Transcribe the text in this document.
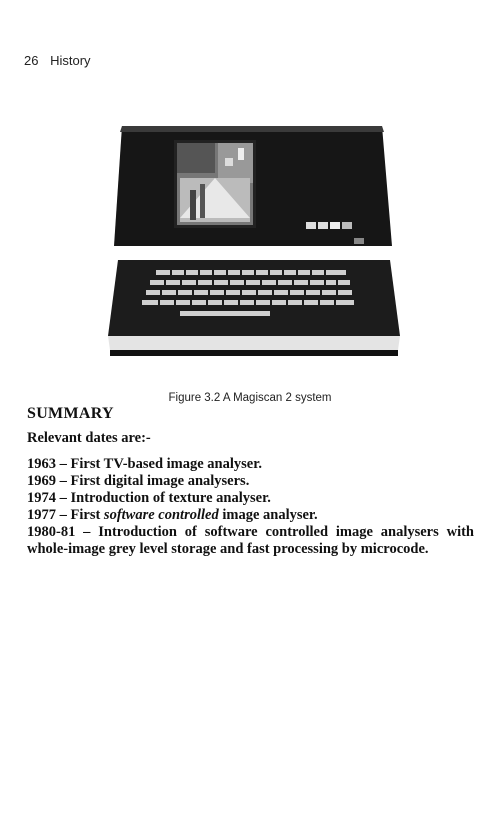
26 History
Figure 3.2 A Magiscan 2 system
SUMMARY

Relevant dates are:-

1963 – First TV-based image analyser.
1969 – First digital image analysers.
1974 – Introduction of texture analyser.
1977 – First software controlled image analyser.
1980-81 – Introduction of software controlled image analysers with whole-image grey level storage and fast processing by microcode.
